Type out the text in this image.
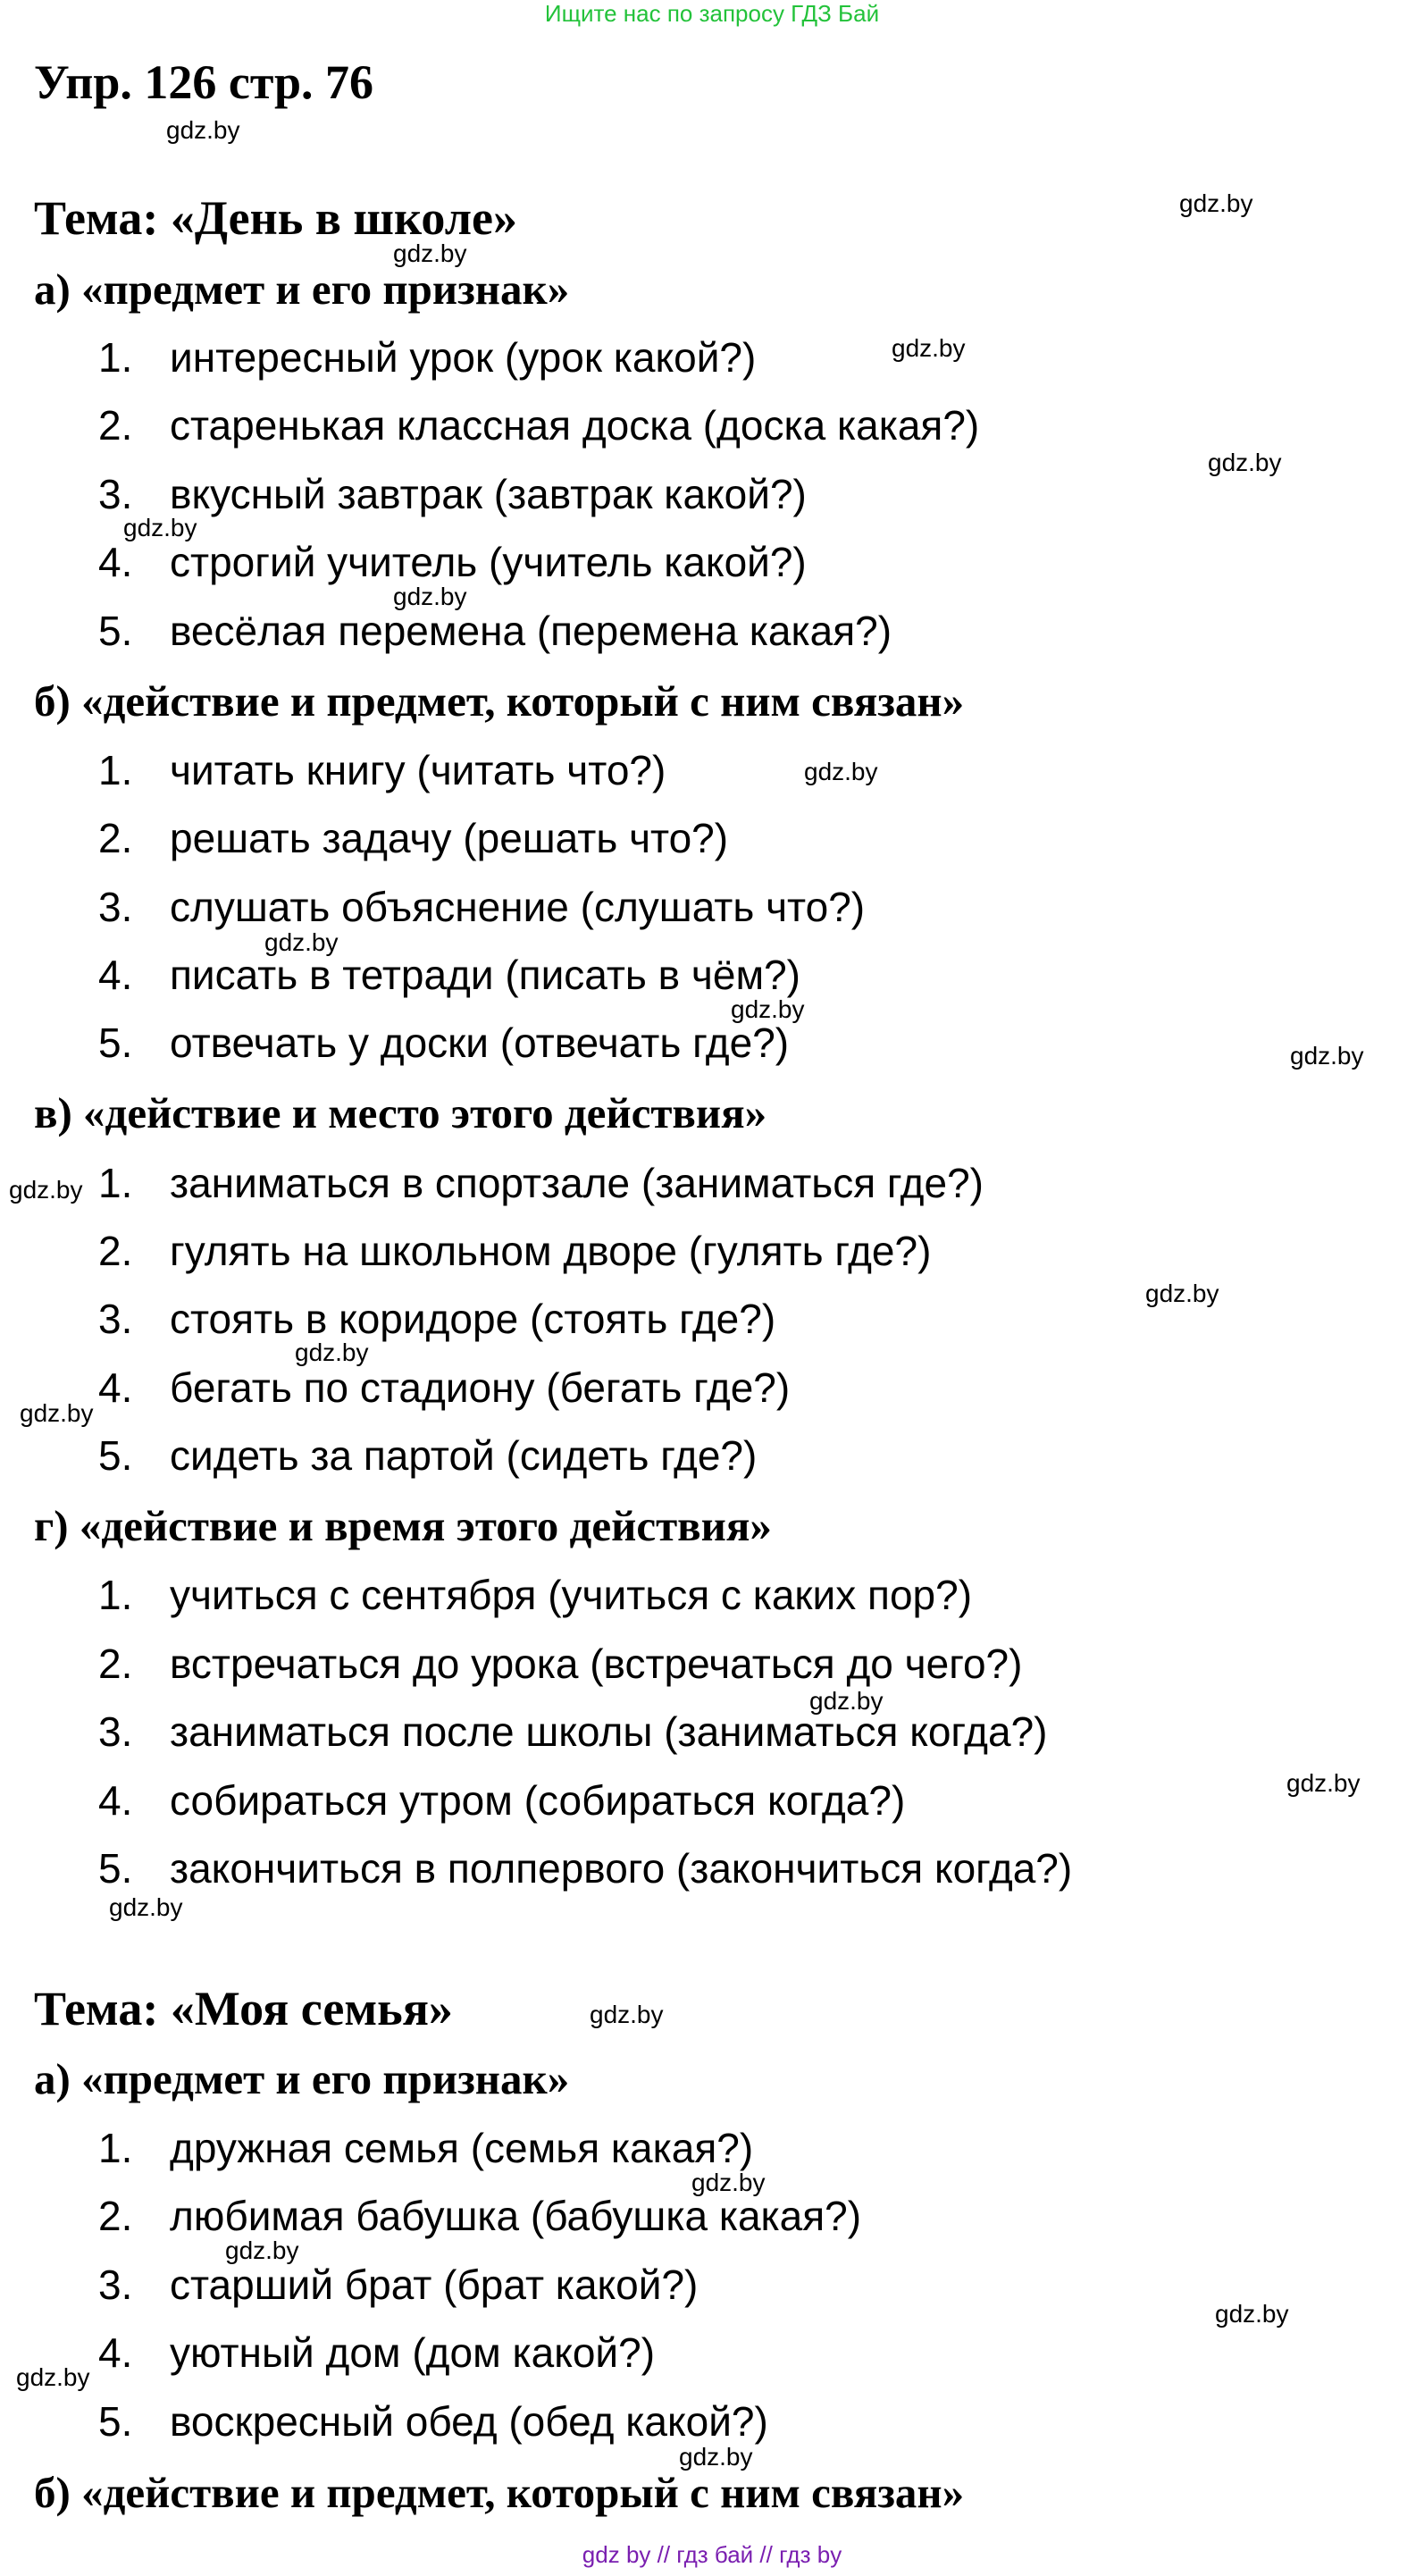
Ищите нас по запросу ГДЗ Бай
Упр. 126 стр. 76
Тема: «День в школе»
а) «предмет и его признак»
1. интересный урок (урок какой?)
2. старенькая классная доска (доска какая?)
3. вкусный завтрак (завтрак какой?)
4. строгий учитель (учитель какой?)
5. весёлая перемена (перемена какая?)
б) «действие и предмет, который с ним связан»
1. читать книгу (читать что?)
2. решать задачу (решать что?)
3. слушать объяснение (слушать что?)
4. писать в тетради (писать в чём?)
5. отвечать у доски (отвечать где?)
в) «действие и место этого действия»
1. заниматься в спортзале (заниматься где?)
2. гулять на школьном дворе (гулять где?)
3. стоять в коридоре (стоять где?)
4. бегать по стадиону (бегать где?)
5. сидеть за партой (сидеть где?)
г) «действие и время этого действия»
1. учиться с сентября (учиться с каких пор?)
2. встречаться до урока (встречаться до чего?)
3. заниматься после школы (заниматься когда?)
4. собираться утром (собираться когда?)
5. закончиться в полпервого (закончиться когда?)
Тема: «Моя семья»
а) «предмет и его признак»
1. дружная семья (семья какая?)
2. любимая бабушка (бабушка какая?)
3. старший брат (брат какой?)
4. уютный дом (дом какой?)
5. воскресный обед (обед какой?)
б) «действие и предмет, который с ним связан»
gdz.by
gdz.by
gdz.by
gdz.by
gdz.by
gdz.by
gdz.by
gdz.by
gdz.by
gdz.by
gdz.by
gdz.by
gdz.by
gdz.by
gdz.by
gdz.by
gdz.by
gdz.by
gdz.by
gdz.by
gdz.by
gdz.by
gdz.by
gdz.by
gdz by // гдз бай // гдз by
